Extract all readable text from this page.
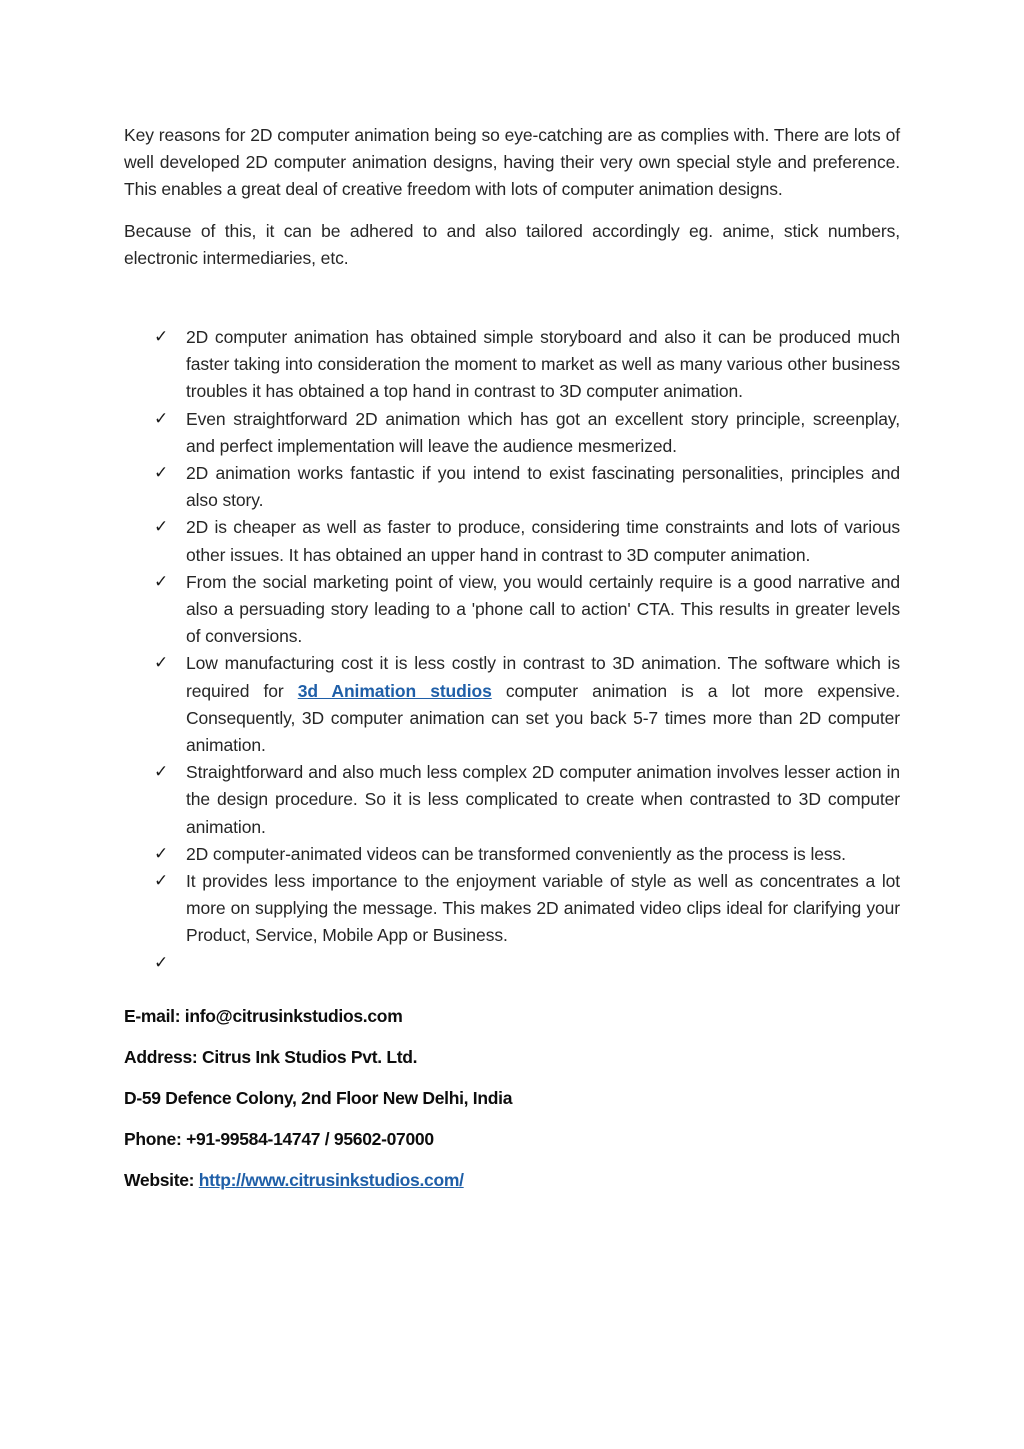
Key reasons for 2D computer animation being so eye-catching are as complies with. There are lots of well developed 2D computer animation designs, having their very own special style and preference. This enables a great deal of creative freedom with lots of computer animation designs.

Because of this, it can be adhered to and also tailored accordingly eg. anime, stick numbers, electronic intermediaries, etc.

✓ 2D computer animation has obtained simple storyboard and also it can be produced much faster taking into consideration the moment to market as well as many various other business troubles it has obtained a top hand in contrast to 3D computer animation.
✓ Even straightforward 2D animation which has got an excellent story principle, screenplay, and perfect implementation will leave the audience mesmerized.
✓ 2D animation works fantastic if you intend to exist fascinating personalities, principles and also story.
✓ 2D is cheaper as well as faster to produce, considering time constraints and lots of various other issues. It has obtained an upper hand in contrast to 3D computer animation.
✓ From the social marketing point of view, you would certainly require is a good narrative and also a persuading story leading to a 'phone call to action' CTA. This results in greater levels of conversions.
✓ Low manufacturing cost it is less costly in contrast to 3D animation. The software which is required for 3d Animation studios computer animation is a lot more expensive. Consequently, 3D computer animation can set you back 5-7 times more than 2D computer animation.
✓ Straightforward and also much less complex 2D computer animation involves lesser action in the design procedure. So it is less complicated to create when contrasted to 3D computer animation.
✓ 2D computer-animated videos can be transformed conveniently as the process is less.
✓ It provides less importance to the enjoyment variable of style as well as concentrates a lot more on supplying the message. This makes 2D animated video clips ideal for clarifying your Product, Service, Mobile App or Business.
✓
E-mail: info@citrusinkstudios.com
Address: Citrus Ink Studios Pvt. Ltd.
D-59 Defence Colony, 2nd Floor New Delhi, India
Phone: +91-99584-14747 / 95602-07000
Website: http://www.citrusinkstudios.com/
